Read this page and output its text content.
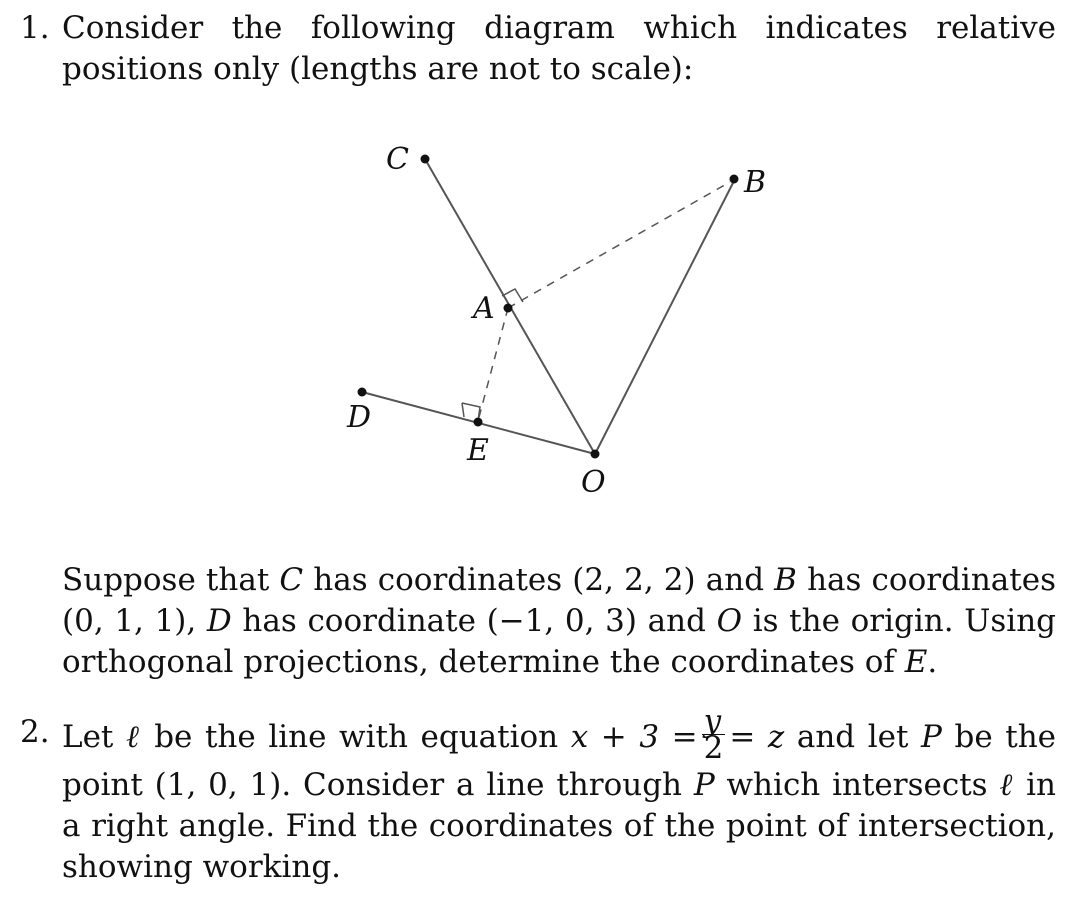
1. Consider the following diagram which indicates relative positions only (lengths are not to scale):
C
B
A
D
E
O
Suppose that C has coordinates (2, 2, 2) and B has coordinates (0, 1, 1), D has coordinate (−1, 0, 3) and O is the origin. Using orthogonal projections, determine the coordinates of E.
2. Let ℓ be the line with equation $x + 3 = \frac{y}{2} = z$ and let P be the point (1, 0, 1). Consider a line through P which intersects ℓ in a right angle. Find the coordinates of the point of intersection, showing working.
